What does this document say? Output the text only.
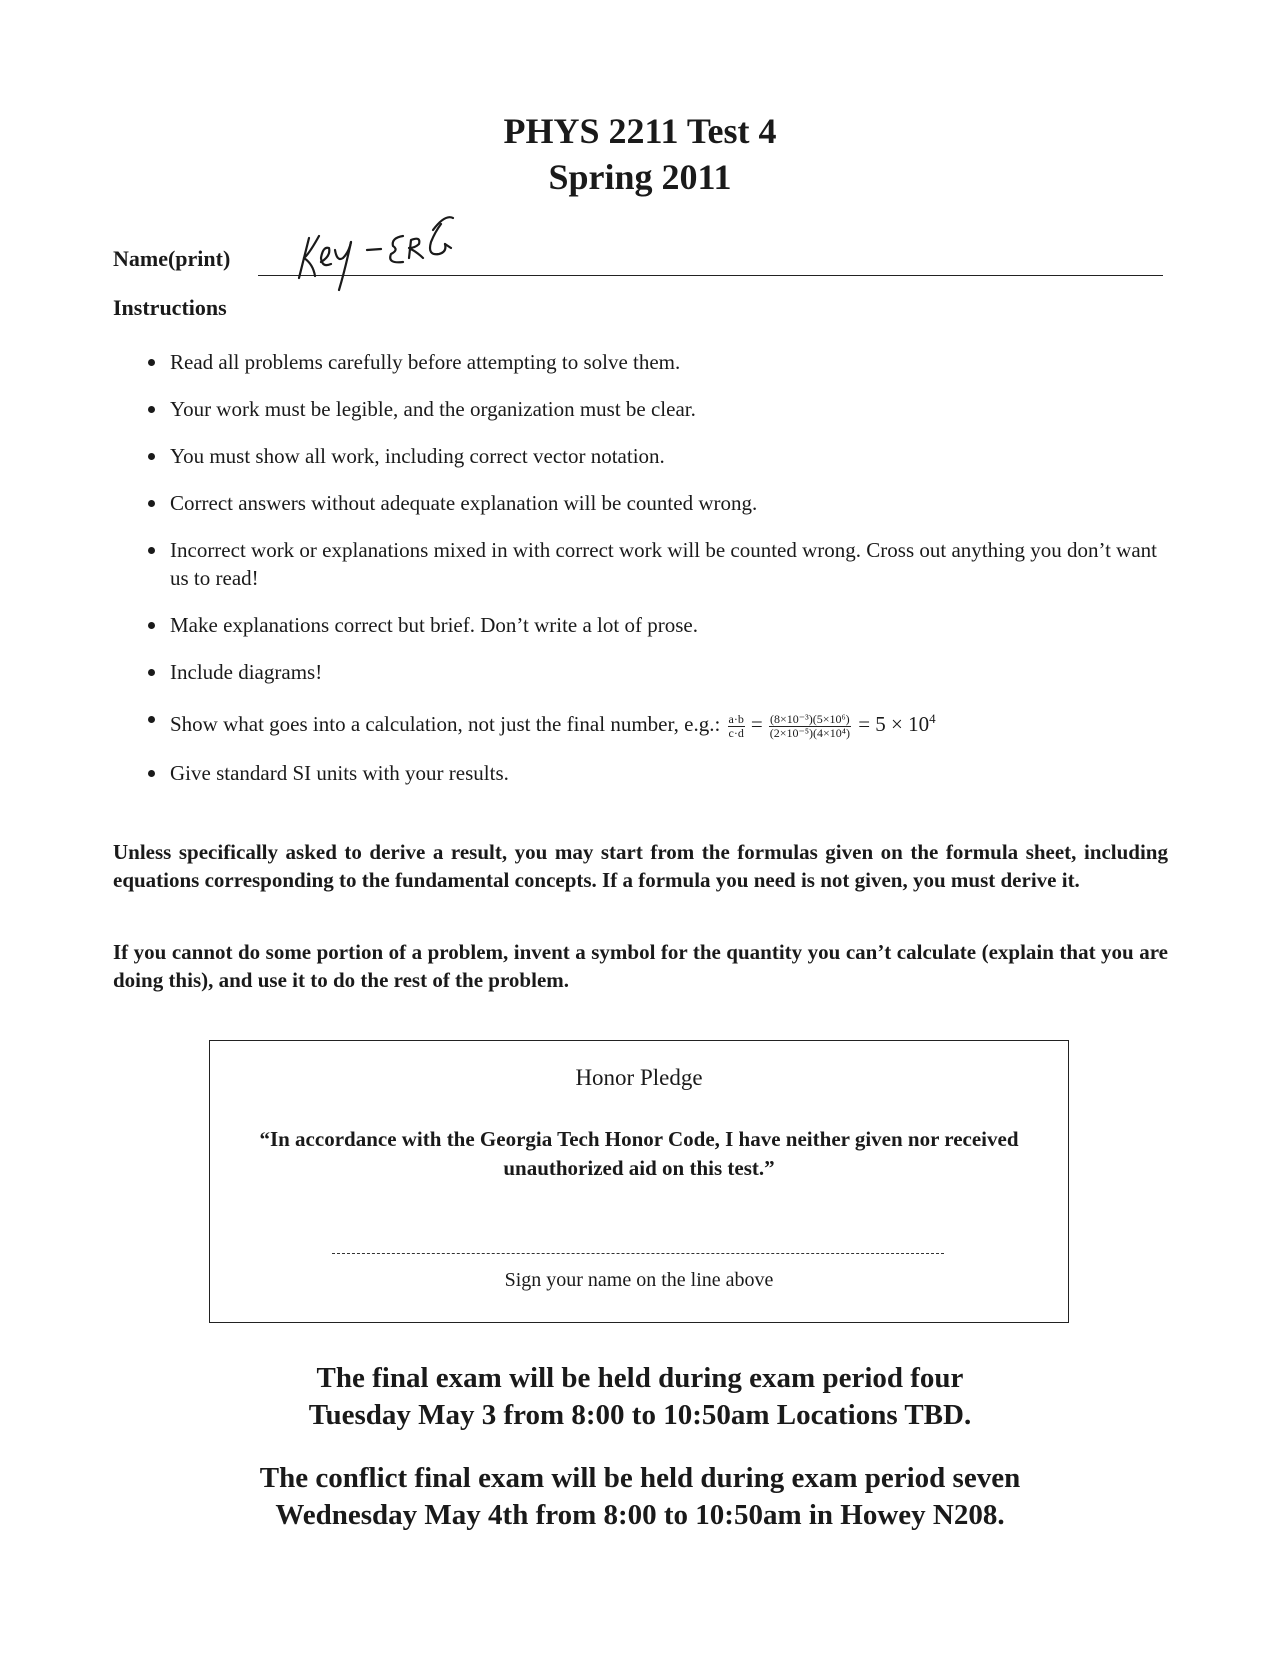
PHYS 2211 Test 4
Spring 2011
Name(print)
Instructions
Read all problems carefully before attempting to solve them.
Your work must be legible, and the organization must be clear.
You must show all work, including correct vector notation.
Correct answers without adequate explanation will be counted wrong.
Incorrect work or explanations mixed in with correct work will be counted wrong. Cross out anything you don’t want us to read!
Make explanations correct but brief. Don’t write a lot of prose.
Include diagrams!
Show what goes into a calculation, not just the final number, e.g.: $\frac{a\cdot b}{c\cdot d} = \frac{\text{(8×10⁻³)(5×10⁶)}}{\text{(2×10⁻⁵)(4×10⁴)}} = 5 \times 10^4$
Give standard SI units with your results.
Unless specifically asked to derive a result, you may start from the formulas given on the formula sheet, including equations corresponding to the fundamental concepts. If a formula you need is not given, you must derive it.
If you cannot do some portion of a problem, invent a symbol for the quantity you can’t calculate (explain that you are doing this), and use it to do the rest of the problem.
Honor Pledge
“In accordance with the Georgia Tech Honor Code, I have neither given nor received unauthorized aid on this test.”
Sign your name on the line above
The final exam will be held during exam period four
Tuesday May 3 from 8:00 to 10:50am Locations TBD.
The conflict final exam will be held during exam period seven
Wednesday May 4th from 8:00 to 10:50am in Howey N208.
